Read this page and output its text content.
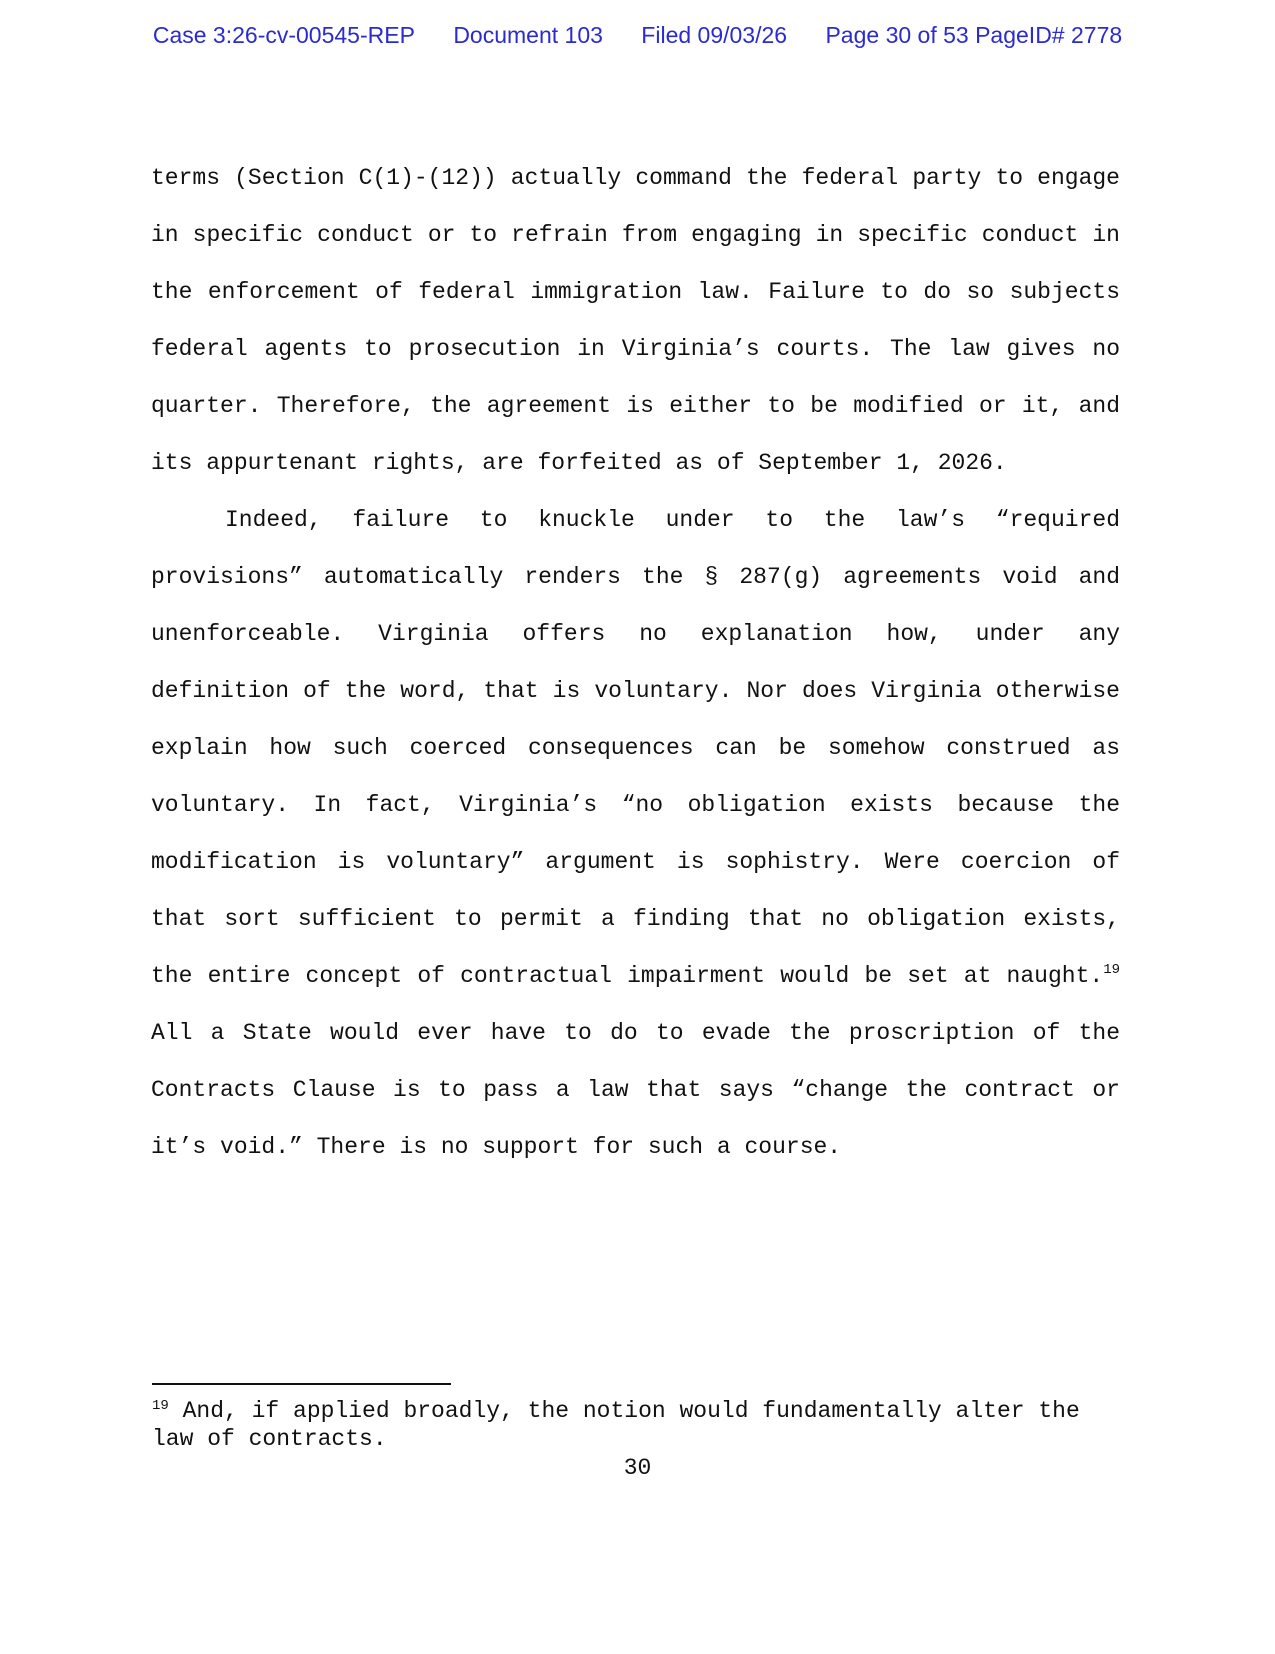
Case 3:26-cv-00545-REP Document 103 Filed 09/03/26 Page 30 of 53 PageID# 2778

terms (Section C(1)-(12)) actually command the federal party to engage in specific conduct or to refrain from engaging in specific conduct in the enforcement of federal immigration law. Failure to do so subjects federal agents to prosecution in Virginia’s courts. The law gives no quarter. Therefore, the agreement is either to be modified or it, and its appurtenant rights, are forfeited as of September 1, 2026.

Indeed, failure to knuckle under to the law’s “required provisions” automatically renders the § 287(g) agreements void and unenforceable. Virginia offers no explanation how, under any definition of the word, that is voluntary. Nor does Virginia otherwise explain how such coerced consequences can be somehow construed as voluntary. In fact, Virginia’s “no obligation exists because the modification is voluntary” argument is sophistry. Were coercion of that sort sufficient to permit a finding that no obligation exists, the entire concept of contractual impairment would be set at naught.$^{19}$ All a State would ever have to do to evade the proscription of the Contracts Clause is to pass a law that says “change the contract or it’s void.” There is no support for such a course.

$^{19}$ And, if applied broadly, the notion would fundamentally alter the law of contracts.
30
